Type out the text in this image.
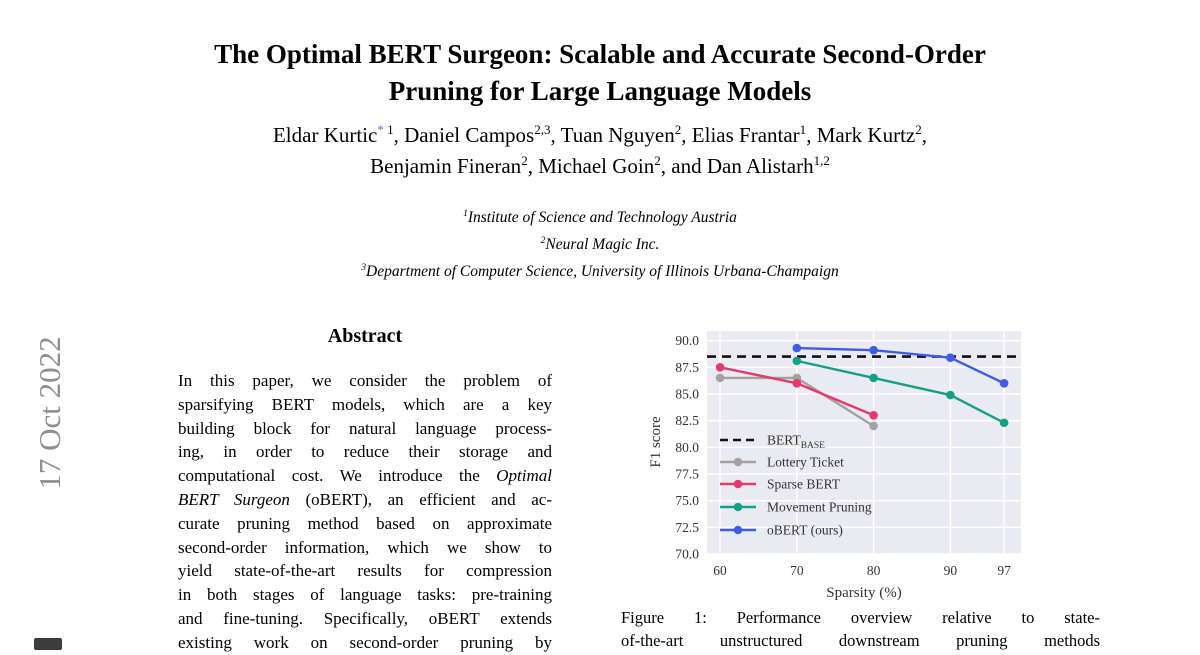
17 Oct 2022
The Optimal BERT Surgeon: Scalable and Accurate Second-Order
Pruning for Large Language Models
Eldar Kurtic* $^1$, Daniel Campos$^{2,3}$, Tuan Nguyen$^2$, Elias Frantar$^1$, Mark Kurtz$^2$,
Benjamin Fineran$^2$, Michael Goin$^2$, and Dan Alistarh$^{1,2}$
$^1$Institute of Science and Technology Austria
$^2$Neural Magic Inc.
$^3$Department of Computer Science, University of Illinois Urbana-Champaign
Abstract
In this paper, we consider the problem of
sparsifying BERT models, which are a key
building block for natural language process-
ing, in order to reduce their storage and
computational cost. We introduce the Optimal
BERT Surgeon (oBERT), an efficient and ac-
curate pruning method based on approximate
second-order information, which we show to
yield state-of-the-art results for compression
in both stages of language tasks: pre-training
and fine-tuning. Specifically, oBERT extends
existing work on second-order pruning by
70.0
72.5
75.0
77.5
80.0
82.5
85.0
87.5
90.0
60	70	80	90	97
Sparsity (%)
F1 score	$BERT_{BASE}$
Lottery Ticket
Sparse BERT
Movement Pruning
oBERT (ours)
Figure 1: Performance overview relative to state-
of-the-art unstructured downstream pruning methods
